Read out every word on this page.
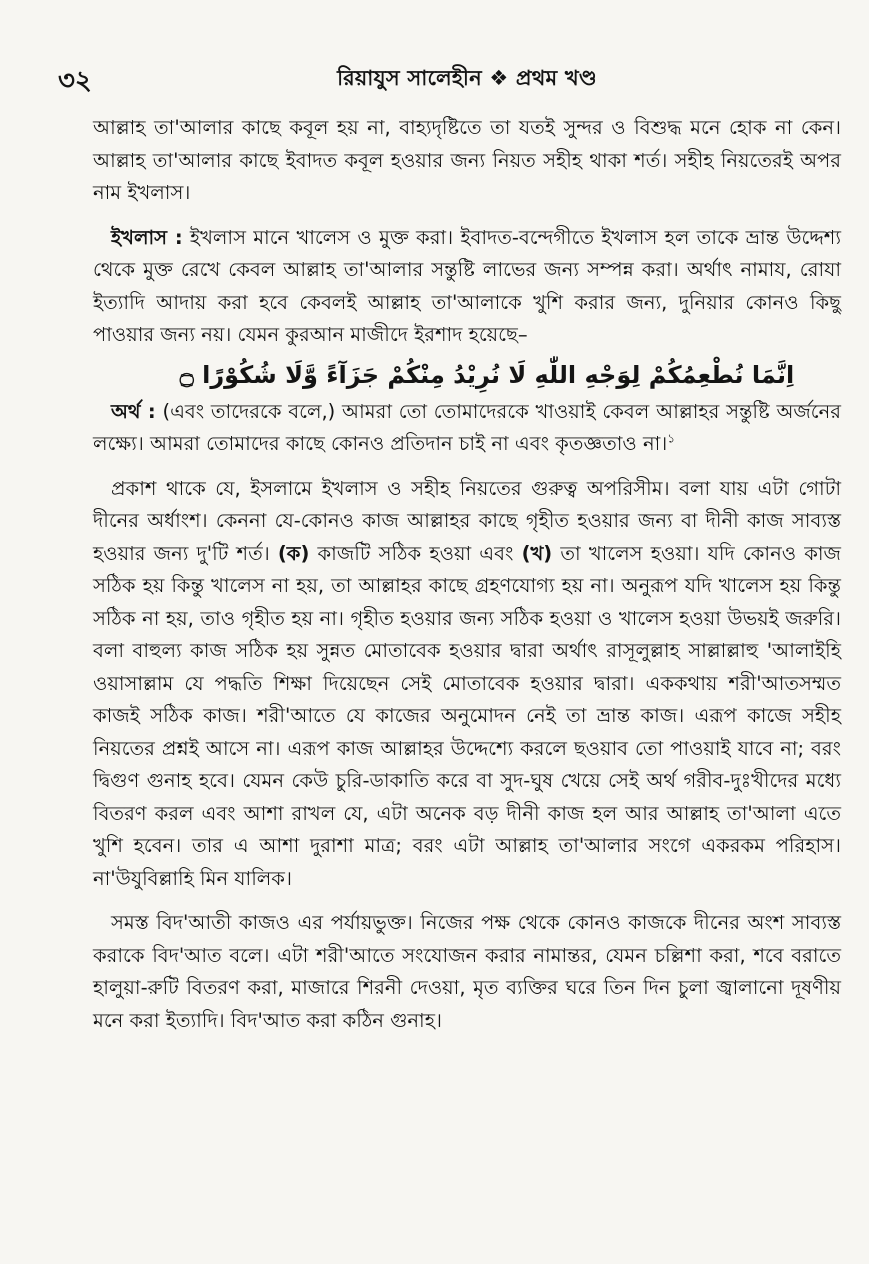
৩২	রিয়াযুস সালেহীন ❖ প্রথম খণ্ড

আল্লাহ তা'আলার কাছে কবূল হয় না, বাহ্যদৃষ্টিতে তা যতই সুন্দর ও বিশুদ্ধ মনে হোক না কেন। আল্লাহ তা'আলার কাছে ইবাদত কবূল হওয়ার জন্য নিয়ত সহীহ থাকা শর্ত। সহীহ নিয়তেরই অপর নাম ইখলাস।

ইখলাস : ইখলাস মানে খালেস ও মুক্ত করা। ইবাদত-বন্দেগীতে ইখলাস হল তাকে ভ্রান্ত উদ্দেশ্য থেকে মুক্ত রেখে কেবল আল্লাহ তা'আলার সন্তুষ্টি লাভের জন্য সম্পন্ন করা। অর্থাৎ নামায, রোযা ইত্যাদি আদায় করা হবে কেবলই আল্লাহ তা'আলাকে খুশি করার জন্য, দুনিয়ার কোনও কিছু পাওয়ার জন্য নয়। যেমন কুরআন মাজীদে ইরশাদ হয়েছে–

اِنَّمَا نُطْعِمُكُمْ لِوَجْهِ اللّٰهِ لَا نُرِيْدُ مِنْكُمْ جَزَآءً وَّلَا شُكُوْرًا ۝

অর্থ : (এবং তাদেরকে বলে,) আমরা তো তোমাদেরকে খাওয়াই কেবল আল্লাহর সন্তুষ্টি অর্জনের লক্ষ্যে। আমরা তোমাদের কাছে কোনও প্রতিদান চাই না এবং কৃতজ্ঞতাও না।$^১$

প্রকাশ থাকে যে, ইসলামে ইখলাস ও সহীহ নিয়তের গুরুত্ব অপরিসীম। বলা যায় এটা গোটা দীনের অর্ধাংশ। কেননা যে-কোনও কাজ আল্লাহর কাছে গৃহীত হওয়ার জন্য বা দীনী কাজ সাব্যস্ত হওয়ার জন্য দু'টি শর্ত। (ক) কাজটি সঠিক হওয়া এবং (খ) তা খালেস হওয়া। যদি কোনও কাজ সঠিক হয় কিন্তু খালেস না হয়, তা আল্লাহর কাছে গ্রহণযোগ্য হয় না। অনুরূপ যদি খালেস হয় কিন্তু সঠিক না হয়, তাও গৃহীত হয় না। গৃহীত হওয়ার জন্য সঠিক হওয়া ও খালেস হওয়া উভয়ই জরুরি। বলা বাহুল্য কাজ সঠিক হয় সুন্নত মোতাবেক হওয়ার দ্বারা অর্থাৎ রাসূলুল্লাহ সাল্লাল্লাহু 'আলাইহি ওয়াসাল্লাম যে পদ্ধতি শিক্ষা দিয়েছেন সেই মোতাবেক হওয়ার দ্বারা। এককথায় শরী'আতসম্মত কাজই সঠিক কাজ। শরী'আতে যে কাজের অনুমোদন নেই তা ভ্রান্ত কাজ। এরূপ কাজে সহীহ নিয়তের প্রশ্নই আসে না। এরূপ কাজ আল্লাহর উদ্দেশ্যে করলে ছওয়াব তো পাওয়াই যাবে না; বরং দ্বিগুণ গুনাহ হবে। যেমন কেউ চুরি-ডাকাতি করে বা সুদ-ঘুষ খেয়ে সেই অর্থ গরীব-দুঃখীদের মধ্যে বিতরণ করল এবং আশা রাখল যে, এটা অনেক বড় দীনী কাজ হল আর আল্লাহ তা'আলা এতে খুশি হবেন। তার এ আশা দুরাশা মাত্র; বরং এটা আল্লাহ তা'আলার সংগে একরকম পরিহাস। না'উযুবিল্লাহি মিন যালিক।

সমস্ত বিদ'আতী কাজও এর পর্যায়ভুক্ত। নিজের পক্ষ থেকে কোনও কাজকে দীনের অংশ সাব্যস্ত করাকে বিদ'আত বলে। এটা শরী'আতে সংযোজন করার নামান্তর, যেমন চল্লিশা করা, শবে বরাতে হালুয়া-রুটি বিতরণ করা, মাজারে শিরনী দেওয়া, মৃত ব্যক্তির ঘরে তিন দিন চুলা জ্বালানো দূষণীয় মনে করা ইত্যাদি। বিদ'আত করা কঠিন গুনাহ।
